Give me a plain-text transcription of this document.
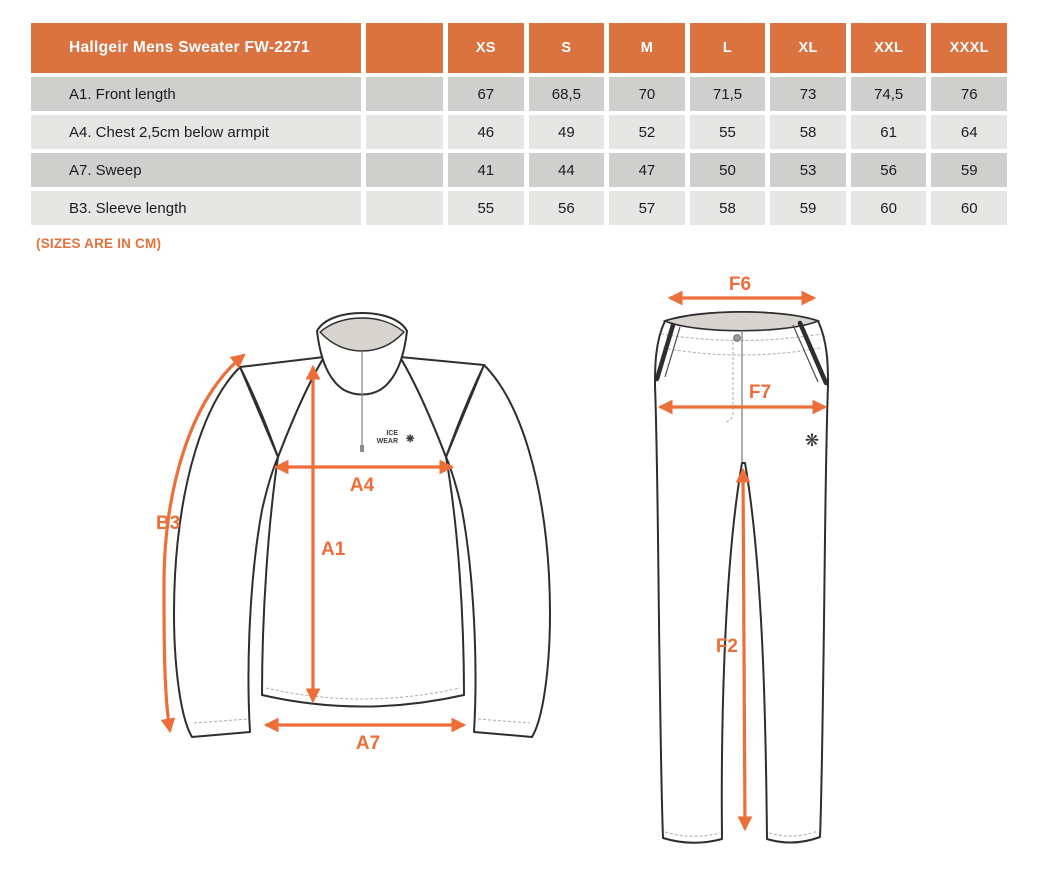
Hallgeir Mens Sweater FW-2271	XS	S	M	L	XL	XXL	XXXL
A1. Front length	67	68,5	70	71,5	73	74,5	76
A4. Chest 2,5cm below armpit	46	49	52	55	58	61	64
A7. Sweep	41	44	47	50	53	56	59
B3. Sleeve length	55	56	57	58	59	60	60
(SIZES ARE IN CM)
ICE
WEAR ❋
B3
A4
A1
A7
❋
F6
F7
F2
